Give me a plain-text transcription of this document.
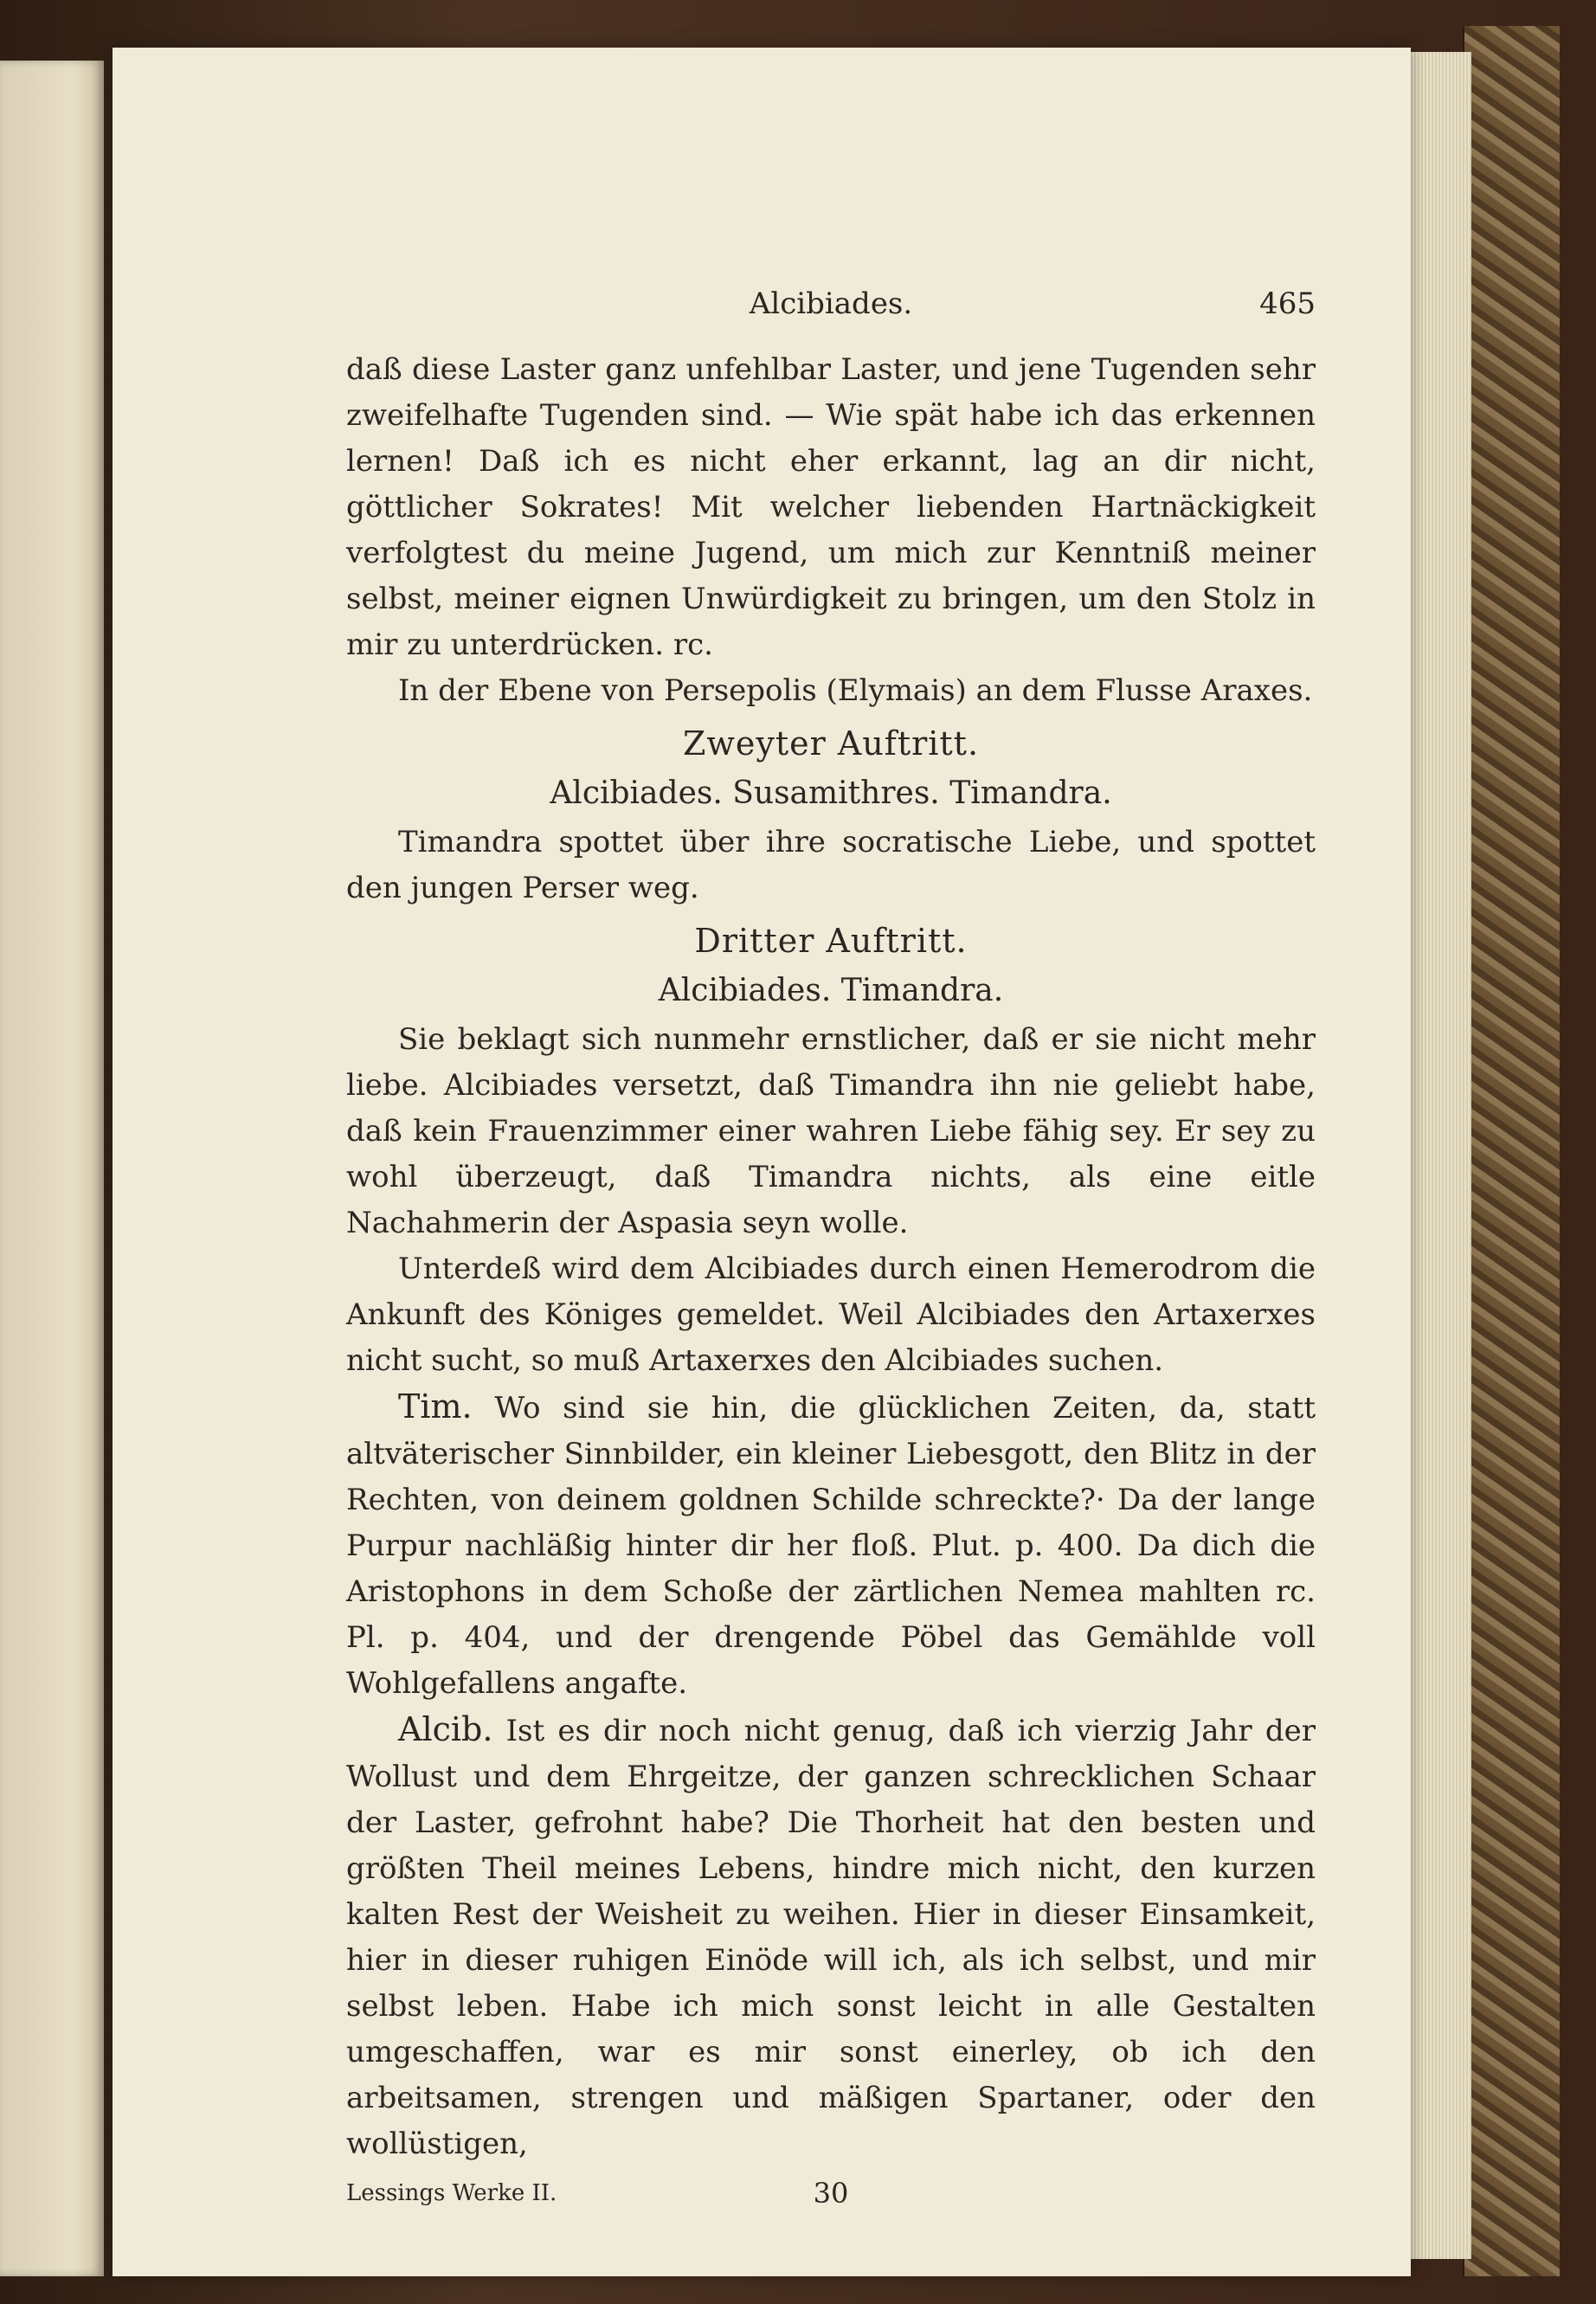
Alcibiades.	465

daß diese Laster ganz unfehlbar Laster, und jene Tugenden sehr zweifelhafte Tugenden sind. — Wie spät habe ich das erkennen lernen! Daß ich es nicht eher erkannt, lag an dir nicht, göttlicher Sokrates! Mit welcher liebenden Hartnäckigkeit verfolgtest du meine Jugend, um mich zur Kenntniß meiner selbst, meiner eignen Unwürdigkeit zu bringen, um den Stolz in mir zu unterdrücken. rc.

In der Ebene von Persepolis (Elymais) an dem Flusse Araxes.

Zweyter Auftritt.
Alcibiades. Susamithres. Timandra.

Timandra spottet über ihre socratische Liebe, und spottet den jungen Perser weg.

Dritter Auftritt.
Alcibiades. Timandra.

Sie beklagt sich nunmehr ernstlicher, daß er sie nicht mehr liebe. Alcibiades versetzt, daß Timandra ihn nie geliebt habe, daß kein Frauenzimmer einer wahren Liebe fähig sey. Er sey zu wohl überzeugt, daß Timandra nichts, als eine eitle Nachahmerin der Aspasia seyn wolle.

Unterdeß wird dem Alcibiades durch einen Hemerodrom die Ankunft des Königes gemeldet. Weil Alcibiades den Artaxerxes nicht sucht, so muß Artaxerxes den Alcibiades suchen.

Tim. Wo sind sie hin, die glücklichen Zeiten, da, statt altväterischer Sinnbilder, ein kleiner Liebesgott, den Blitz in der Rechten, von deinem goldnen Schilde schreckte?· Da der lange Purpur nachläßig hinter dir her floß. Plut. p. 400. Da dich die Aristophons in dem Schoße der zärtlichen Nemea mahlten rc. Pl. p. 404, und der drengende Pöbel das Gemählde voll Wohlgefallens angafte.

Alcib. Ist es dir noch nicht genug, daß ich vierzig Jahr der Wollust und dem Ehrgeitze, der ganzen schrecklichen Schaar der Laster, gefrohnt habe? Die Thorheit hat den besten und größten Theil meines Lebens, hindre mich nicht, den kurzen kalten Rest der Weisheit zu weihen. Hier in dieser Einsamkeit, hier in dieser ruhigen Einöde will ich, als ich selbst, und mir selbst leben. Habe ich mich sonst leicht in alle Gestalten umgeschaffen, war es mir sonst einerley, ob ich den arbeitsamen, strengen und mäßigen Spartaner, oder den wollüstigen,

Lessings Werke II.	30
